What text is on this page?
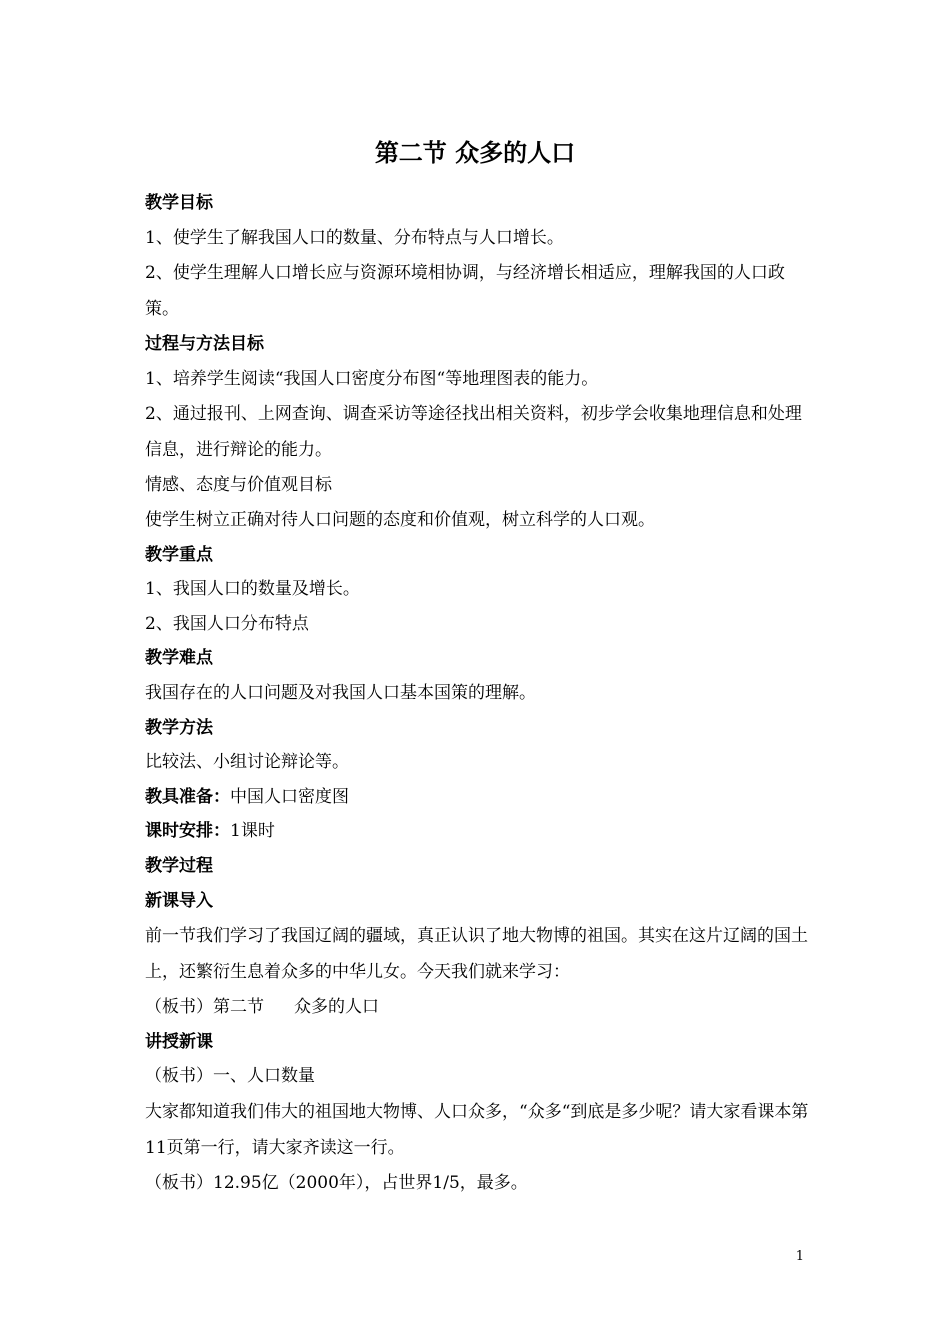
第二节 众多的人口
教学目标
1、使学生了解我国人口的数量、分布特点与人口增长。
2、使学生理解人口增长应与资源环境相协调，与经济增长相适应，理解我国的人口政策。
过程与方法目标
1、培养学生阅读“我国人口密度分布图“等地理图表的能力。
2、通过报刊、上网查询、调查采访等途径找出相关资料，初步学会收集地理信息和处理信息，进行辩论的能力。
情感、态度与价值观目标
使学生树立正确对待人口问题的态度和价值观，树立科学的人口观。
教学重点
1、我国人口的数量及增长。
2、我国人口分布特点
教学难点
我国存在的人口问题及对我国人口基本国策的理解。
教学方法
比较法、小组讨论辩论等。
教具准备：中国人口密度图
课时安排：1课时
教学过程
新课导入
前一节我们学习了我国辽阔的疆域，真正认识了地大物博的祖国。其实在这片辽阔的国土上，还繁衍生息着众多的中华儿女。今天我们就来学习：
（板书）第二节 众多的人口
讲授新课
（板书）一、人口数量
大家都知道我们伟大的祖国地大物博、人口众多，“众多“到底是多少呢？请大家看课本第11页第一行，请大家齐读这一行。
（板书）12.95亿（2000年），占世界1/5，最多。
1
